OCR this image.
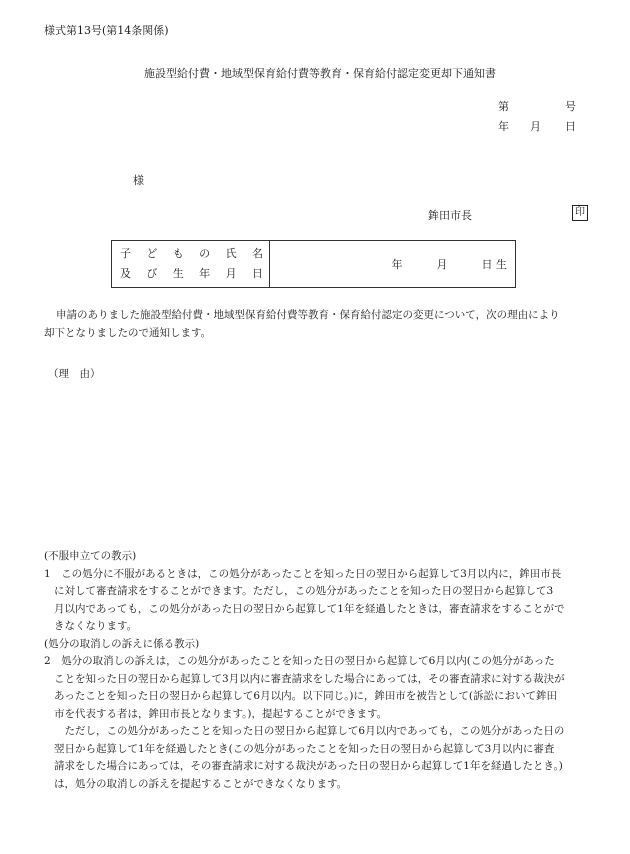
様式第13号(第14条関係)
施設型給付費・地域型保育給付費等教育・保育給付認定変更却下通知書
第	号
年 月 日
様
鉾田市長	印
子 ど も の 氏 名
及 び 生 年 月 日

年	月	日 生
申請のありました施設型給付費・地域型保育給付費等教育・保育給付認定の変更について，次の理由により
却下となりましたので通知します。
（理　由）
(不服申立ての教示)
1　この処分に不服があるときは，この処分があったことを知った日の翌日から起算して3月以内に，鉾田市長
に対して審査請求をすることができます。ただし，この処分があったことを知った日の翌日から起算して3
月以内であっても，この処分があった日の翌日から起算して1年を経過したときは，審査請求をすることがで
きなくなります。
(処分の取消しの訴えに係る教示)
2　処分の取消しの訴えは，この処分があったことを知った日の翌日から起算して6月以内(この処分があった
ことを知った日の翌日から起算して3月以内に審査請求をした場合にあっては，その審査請求に対する裁決が
あったことを知った日の翌日から起算して6月以内。以下同じ。)に，鉾田市を被告として(訴訟において鉾田
市を代表する者は，鉾田市長となります。)，提起することができます。
　ただし，この処分があったことを知った日の翌日から起算して6月以内であっても，この処分があった日の
翌日から起算して1年を経過したとき(この処分があったことを知った日の翌日から起算して3月以内に審査
請求をした場合にあっては，その審査請求に対する裁決があった日の翌日から起算して1年を経過したとき。)
は，処分の取消しの訴えを提起することができなくなります。
